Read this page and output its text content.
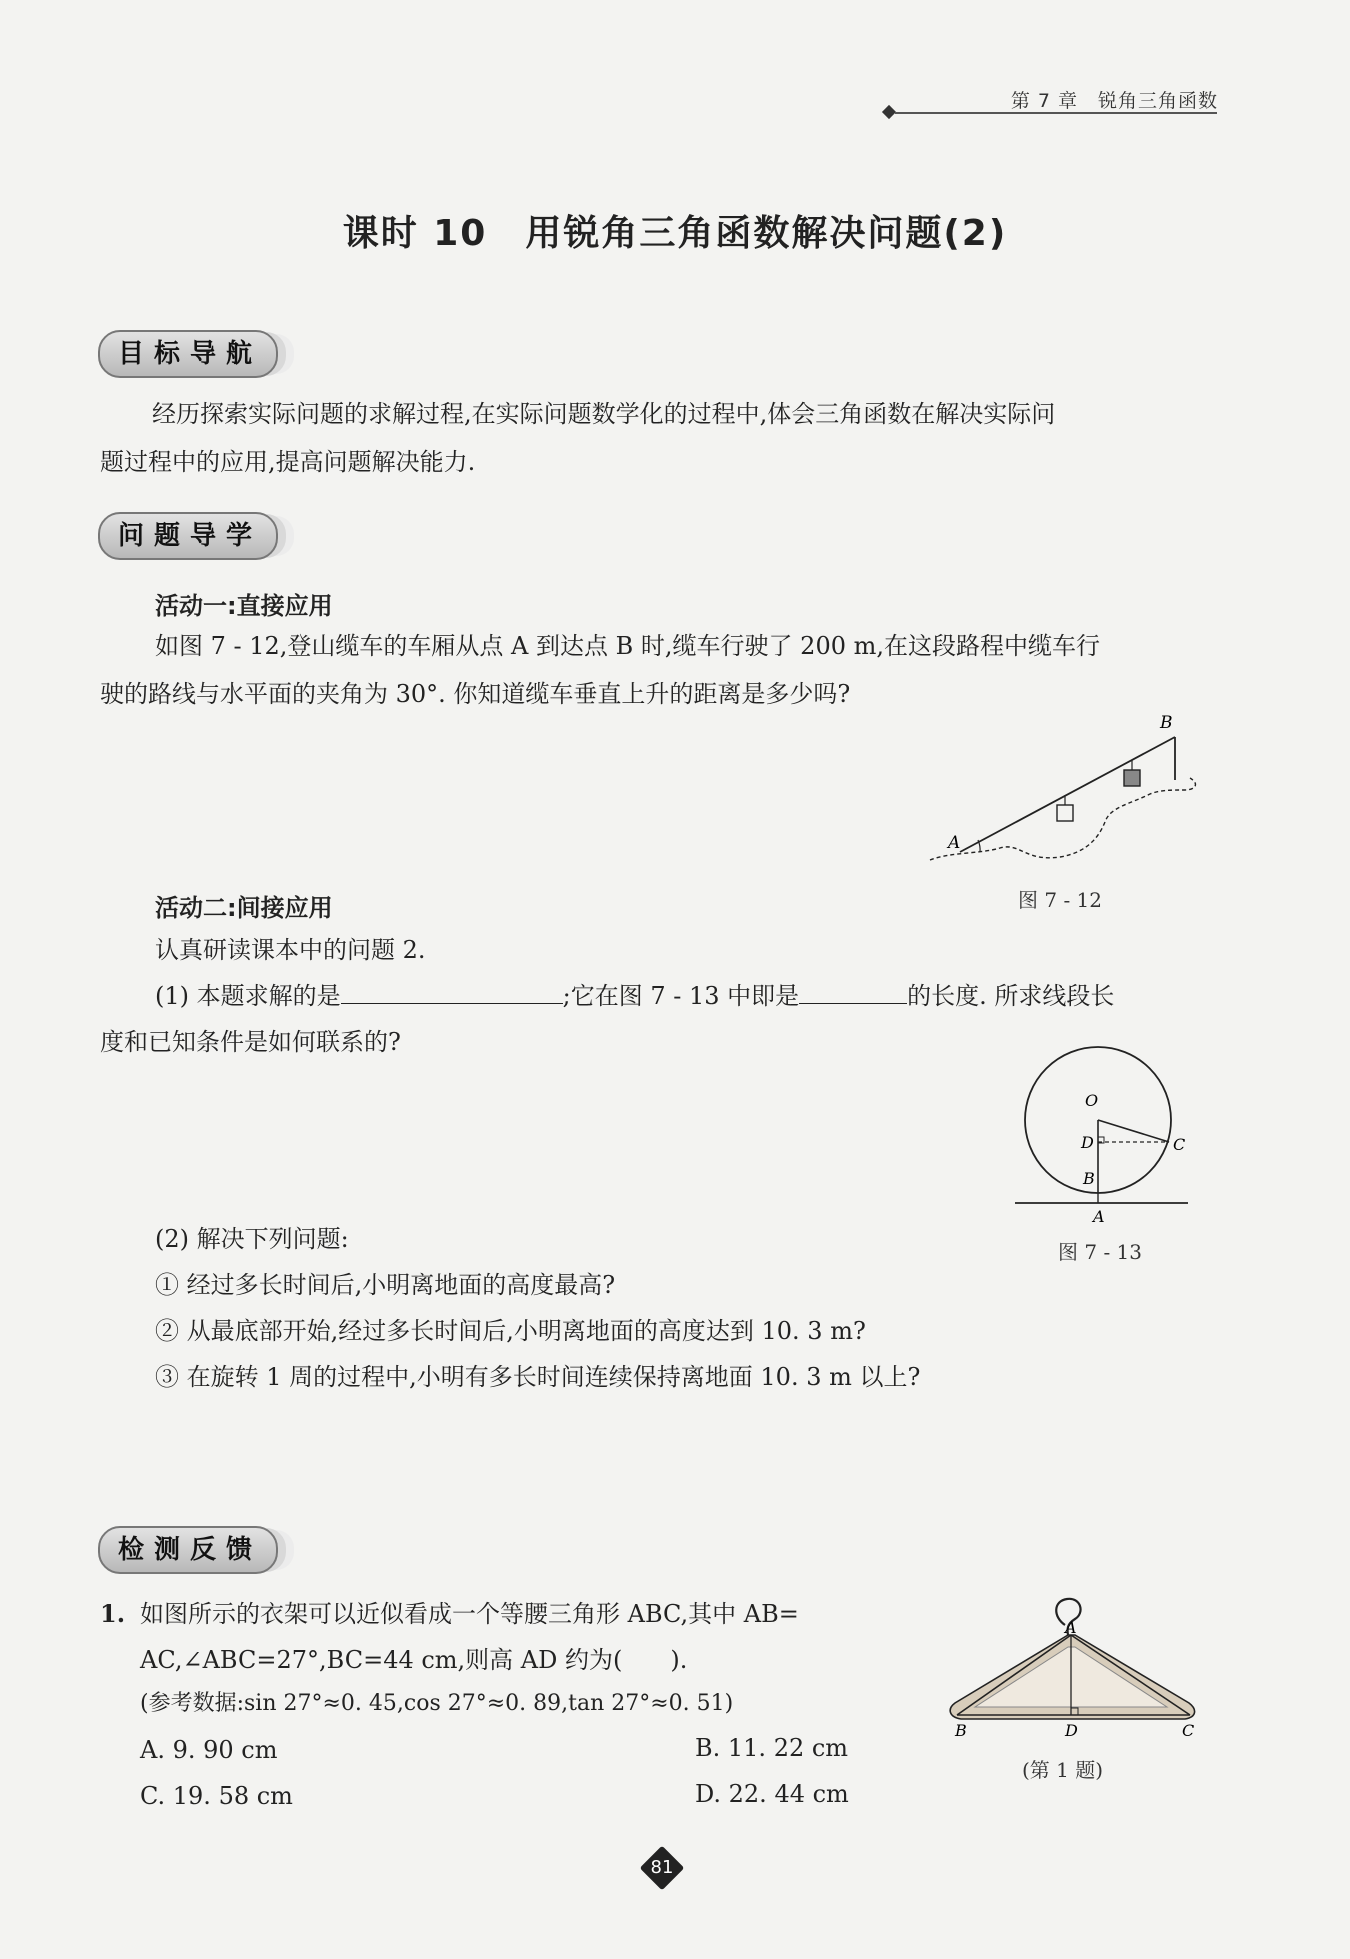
第 7 章　锐角三角函数
课时 10　用锐角三角函数解决问题(2)
目标导航
经历探索实际问题的求解过程,在实际问题数学化的过程中,体会三角函数在解决实际问
题过程中的应用,提高问题解决能力.
问题导学
活动一:直接应用
如图 7 - 12,登山缆车的车厢从点 A 到达点 B 时,缆车行驶了 200 m,在这段路程中缆车行
驶的路线与水平面的夹角为 30°. 你知道缆车垂直上升的距离是多少吗?
A
B
图 7 - 12
活动二:间接应用
认真研读课本中的问题 2.
(1) 本题求解的是	;它在图 7 - 13 中即是	的长度. 所求线段长
度和已知条件是如何联系的?
O
D
B
C
A
图 7 - 13
(2) 解决下列问题:
① 经过多长时间后,小明离地面的高度最高?
② 从最底部开始,经过多长时间后,小明离地面的高度达到 10. 3 m?
③ 在旋转 1 周的过程中,小明有多长时间连续保持离地面 10. 3 m 以上?
检测反馈
1. 如图所示的衣架可以近似看成一个等腰三角形 ABC,其中 AB=
AC,∠ABC=27°,BC=44 cm,则高 AD 约为(　　).
(参考数据:sin 27°≈0. 45,cos 27°≈0. 89,tan 27°≈0. 51)
A. 9. 90 cm	B. 11. 22 cm
C. 19. 58 cm	D. 22. 44 cm
A
B	D	C
(第 1 题)
81
